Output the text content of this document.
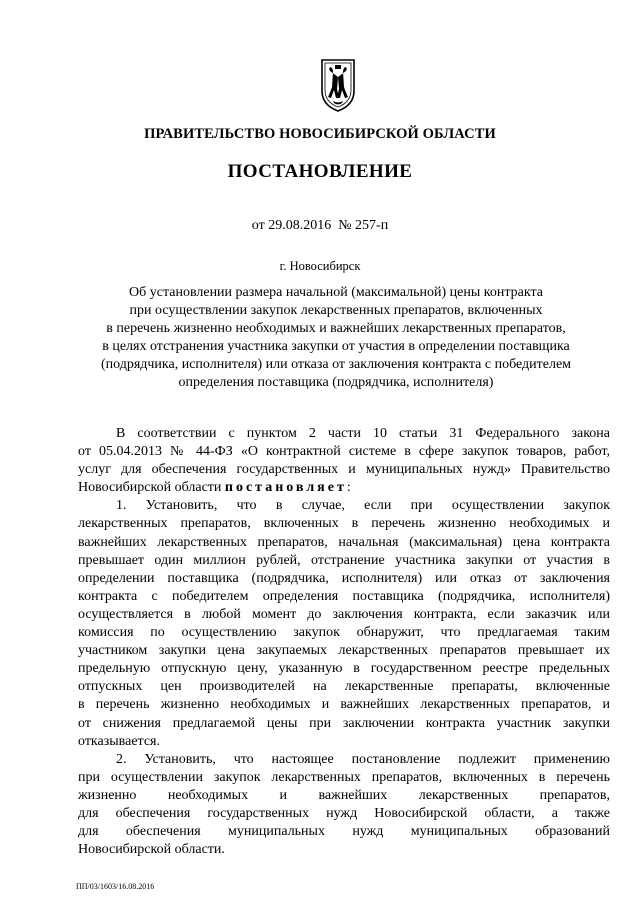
ПРАВИТЕЛЬСТВО НОВОСИБИРСКОЙ ОБЛАСТИ
ПОСТАНОВЛЕНИЕ
от 29.08.2016 № 257-п
г. Новосибирск
Об установлении размера начальной (максимальной) цены контракта
при осуществлении закупок лекарственных препаратов, включенных
в перечень жизненно необходимых и важнейших лекарственных препаратов,
в целях отстранения участника закупки от участия в определении поставщика
(подрядчика, исполнителя) или отказа от заключения контракта с победителем
определения поставщика (подрядчика, исполнителя)
В соответствии с пунктом 2 части 10 статьи 31 Федерального закона
от 05.04.2013 № 44-ФЗ «О контрактной системе в сфере закупок товаров, работ,
услуг для обеспечения государственных и муниципальных нужд» Правительство
Новосибирской области постановляет:
1. Установить, что в случае, если при осуществлении закупок
лекарственных препаратов, включенных в перечень жизненно необходимых и
важнейших лекарственных препаратов, начальная (максимальная) цена контракта
превышает один миллион рублей, отстранение участника закупки от участия в
определении поставщика (подрядчика, исполнителя) или отказ от заключения
контракта с победителем определения поставщика (подрядчика, исполнителя)
осуществляется в любой момент до заключения контракта, если заказчик или
комиссия по осуществлению закупок обнаружит, что предлагаемая таким
участником закупки цена закупаемых лекарственных препаратов превышает их
предельную отпускную цену, указанную в государственном реестре предельных
отпускных цен производителей на лекарственные препараты, включенные
в перечень жизненно необходимых и важнейших лекарственных препаратов, и
от снижения предлагаемой цены при заключении контракта участник закупки
отказывается.
2. Установить, что настоящее постановление подлежит применению
при осуществлении закупок лекарственных препаратов, включенных в перечень
жизненно необходимых и важнейших лекарственных препаратов,
для обеспечения государственных нужд Новосибирской области, а также
для обеспечения муниципальных нужд муниципальных образований
Новосибирской области.
ПП/03/1603/16.08.2016
